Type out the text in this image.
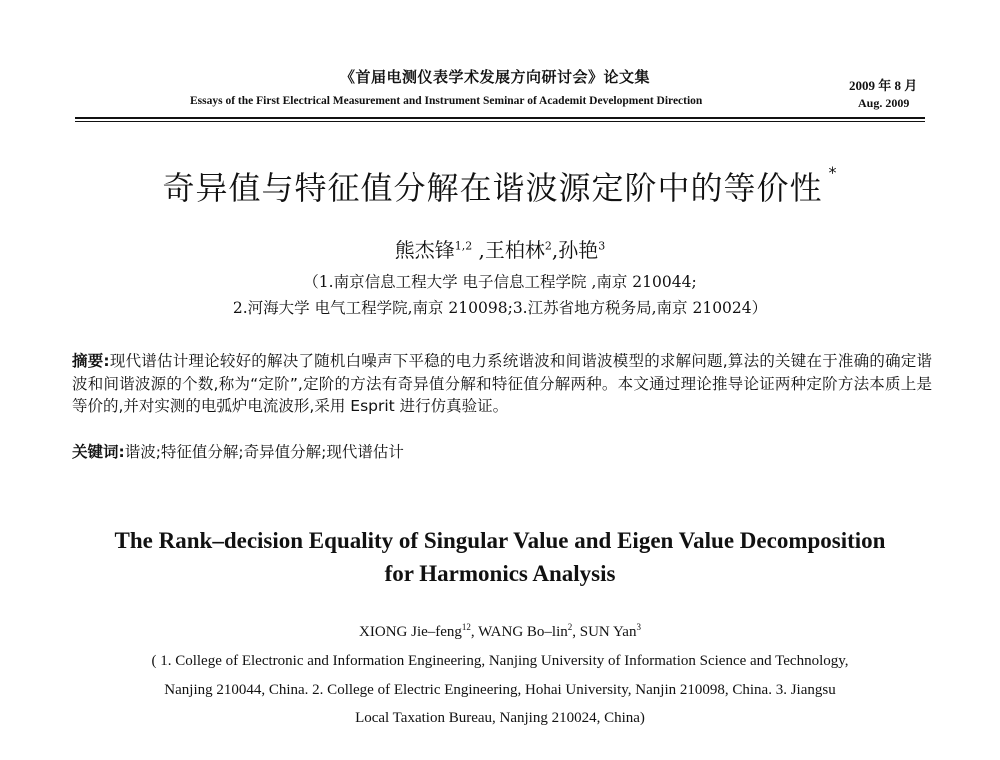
《首届电测仪表学术发展方向研讨会》论文集
Essays of the First Electrical Measurement and Instrument Seminar of Academit Development Direction
2009 年 8 月
Aug. 2009
奇异值与特征值分解在谐波源定阶中的等价性 *
熊杰锋$^{1,2}$ ,王柏林$^2$,孙艳$^3$
（1.南京信息工程大学 电子信息工程学院 ,南京 210044;
2.河海大学 电气工程学院,南京 210098;3.江苏省地方税务局,南京 210024）
摘要:现代谱估计理论较好的解决了随机白噪声下平稳的电力系统谐波和间谐波模型的求解问题,算法的关键在于准确的确定谐波和间谐波源的个数,称为“定阶”,定阶的方法有奇异值分解和特征值分解两种。本文通过理论推导论证两种定阶方法本质上是等价的,并对实测的电弧炉电流波形,采用 Esprit 进行仿真验证。
关键词:谐波;特征值分解;奇异值分解;现代谱估计
The Rank–decision Equality of Singular Value and Eigen Value Decomposition
for Harmonics Analysis
XIONG Jie–feng$^{12}$, WANG Bo–lin$^2$, SUN Yan$^3$
( 1. College of Electronic and Information Engineering, Nanjing University of Information Science and Technology,
Nanjing 210044, China. 2. College of Electric Engineering, Hohai University, Nanjin 210098, China. 3. Jiangsu
Local Taxation Bureau, Nanjing 210024, China)
